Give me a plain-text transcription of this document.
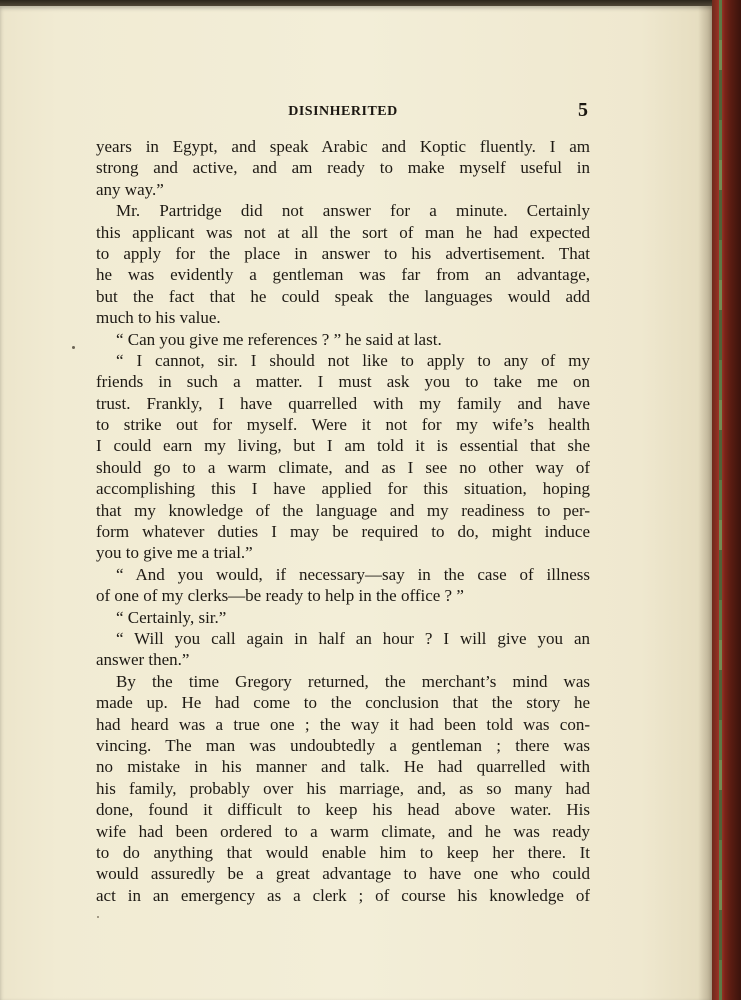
DISINHERITED	5
years in Egypt, and speak Arabic and Koptic fluently. I am
strong and active, and am ready to make myself useful in
any way.”
Mr. Partridge did not answer for a minute. Certainly
this applicant was not at all the sort of man he had expected
to apply for the place in answer to his advertisement. That
he was evidently a gentleman was far from an advantage,
but the fact that he could speak the languages would add
much to his value.
“ Can you give me references ? ” he said at last.
“ I cannot, sir. I should not like to apply to any of my
friends in such a matter. I must ask you to take me on
trust. Frankly, I have quarrelled with my family and have
to strike out for myself. Were it not for my wife’s health
I could earn my living, but I am told it is essential that she
should go to a warm climate, and as I see no other way of
accomplishing this I have applied for this situation, hoping
that my knowledge of the language and my readiness to per-
form whatever duties I may be required to do, might induce
you to give me a trial.”
“ And you would, if necessary—say in the case of illness
of one of my clerks—be ready to help in the office ? ”
“ Certainly, sir.”
“ Will you call again in half an hour ? I will give you an
answer then.”
By the time Gregory returned, the merchant’s mind was
made up. He had come to the conclusion that the story he
had heard was a true one ; the way it had been told was con-
vincing. The man was undoubtedly a gentleman ; there was
no mistake in his manner and talk. He had quarrelled with
his family, probably over his marriage, and, as so many had
done, found it difficult to keep his head above water. His
wife had been ordered to a warm climate, and he was ready
to do anything that would enable him to keep her there. It
would assuredly be a great advantage to have one who could
act in an emergency as a clerk ; of course his knowledge of
